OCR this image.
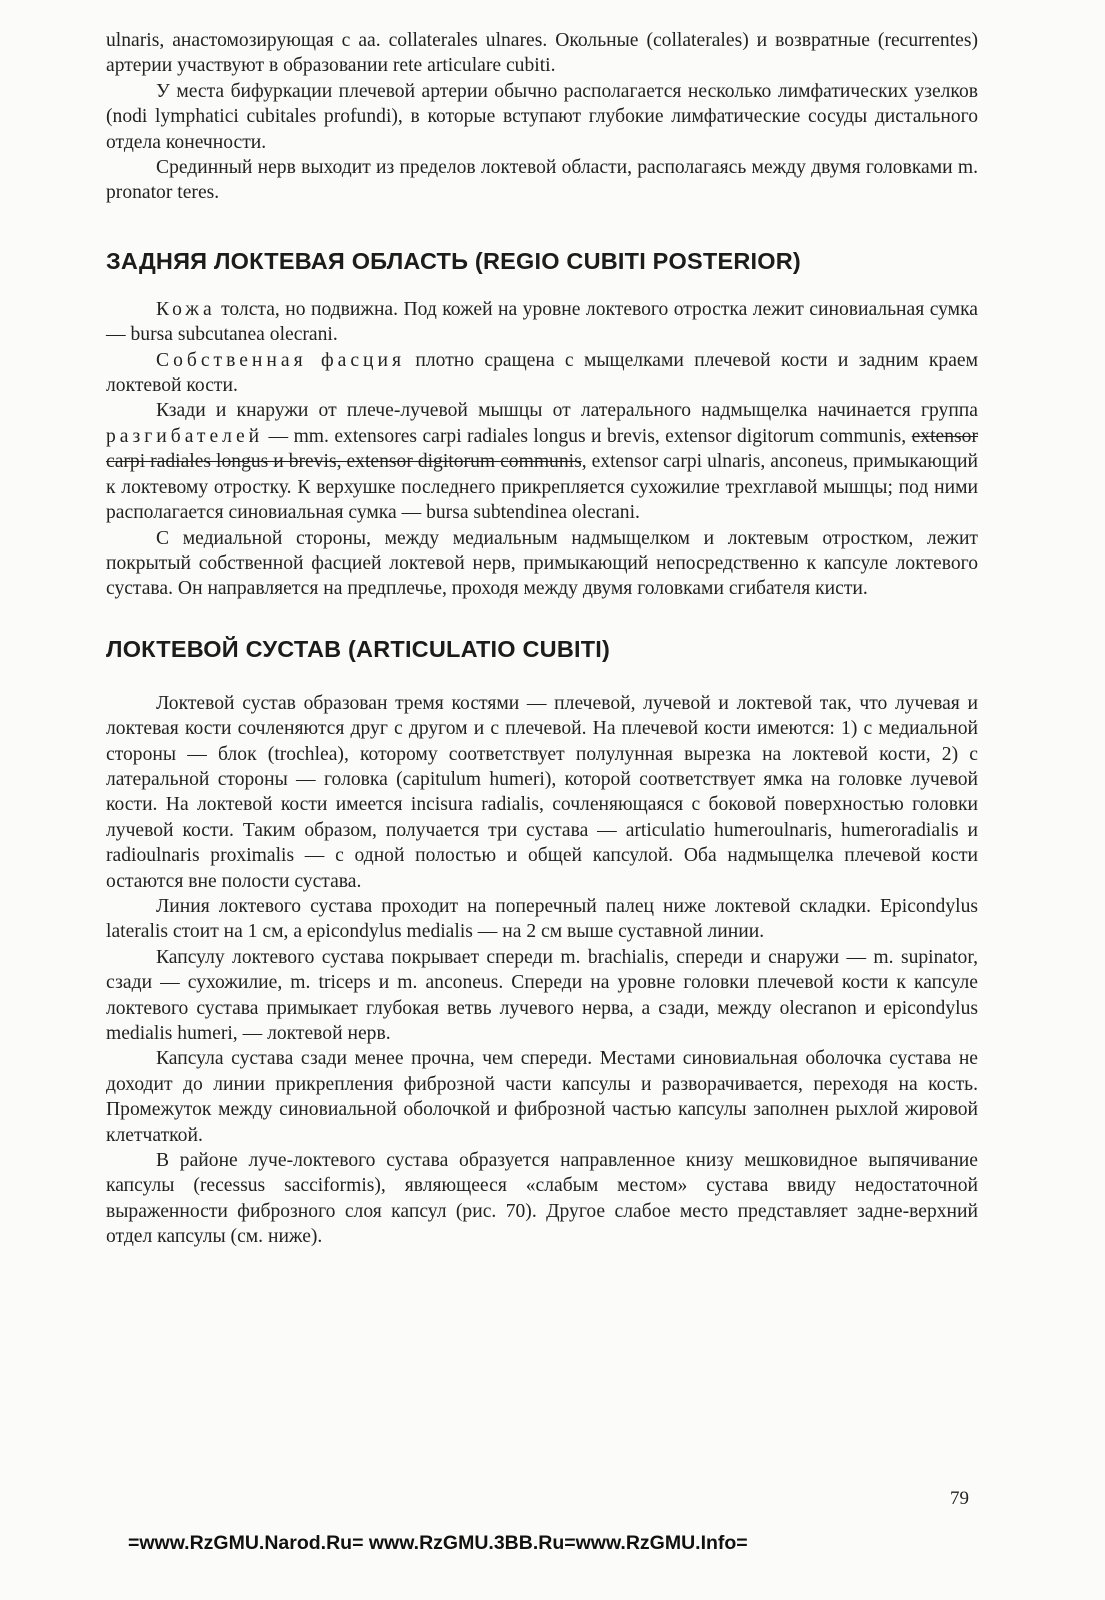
ulnaris, анастомозирующая с aa. collaterales ulnares. Окольные (collaterales) и возвратные (recurrentes) артерии участвуют в образовании rete articulare cubiti.

У места бифуркации плечевой артерии обычно располагается несколько лимфатических узелков (nodi lymphatici cubitales profundi), в которые вступают глубокие лимфатические сосуды дистального отдела конечности.

Срединный нерв выходит из пределов локтевой области, располагаясь между двумя головками m. pronator teres.

ЗАДНЯЯ ЛОКТЕВАЯ ОБЛАСТЬ (REGIO CUBITI POSTERIOR)

Кожа толста, но подвижна. Под кожей на уровне локтевого отростка лежит синовиальная сумка — bursa subcutanea olecrani.

Собственная фасция плотно сращена с мыщелками плечевой кости и задним краем локтевой кости.

Кзади и кнаружи от плече-лучевой мышцы от латерального надмыщелка начинается группа разгибателей — mm. extensores carpi radiales longus и brevis, extensor digitorum communis, extensor carpi radiales longus и brevis, extensor digitorum communis, extensor carpi ulnaris, anconeus, примыкающий к локтевому отростку. К верхушке последнего прикрепляется сухожилие трехглавой мышцы; под ними располагается синовиальная сумка — bursa subtendinea olecrani.

С медиальной стороны, между медиальным надмыщелком и локтевым отростком, лежит покрытый собственной фасцией локтевой нерв, примыкающий непосредственно к капсуле локтевого сустава. Он направляется на предплечье, проходя между двумя головками сгибателя кисти.

ЛОКТЕВОЙ СУСТАВ (ARTICULATIO CUBITI)

Локтевой сустав образован тремя костями — плечевой, лучевой и локтевой так, что лучевая и локтевая кости сочленяются друг с другом и с плечевой. На плечевой кости имеются: 1) с медиальной стороны — блок (trochlea), которому соответствует полулунная вырезка на локтевой кости, 2) с латеральной стороны — головка (capitulum humeri), которой соответствует ямка на головке лучевой кости. На локтевой кости имеется incisura radialis, сочленяющаяся с боковой поверхностью головки лучевой кости. Таким образом, получается три сустава — articulatio humeroulnaris, humeroradialis и radioulnaris proximalis — с одной полостью и общей капсулой. Оба надмыщелка плечевой кости остаются вне полости сустава.

Линия локтевого сустава проходит на поперечный палец ниже локтевой складки. Epicondylus lateralis стоит на 1 см, а epicondylus medialis — на 2 см выше суставной линии.

Капсулу локтевого сустава покрывает спереди m. brachialis, спереди и снаружи — m. supinator, сзади — сухожилие, m. triceps и m. anconeus. Спереди на уровне головки плечевой кости к капсуле локтевого сустава примыкает глубокая ветвь лучевого нерва, а сзади, между olecranon и epicondylus medialis humeri, — локтевой нерв.

Капсула сустава сзади менее прочна, чем спереди. Местами синовиальная оболочка сустава не доходит до линии прикрепления фиброзной части капсулы и разворачивается, переходя на кость. Промежуток между синовиальной оболочкой и фиброзной частью капсулы заполнен рыхлой жировой клетчаткой.

В районе луче-локтевого сустава образуется направленное книзу мешковидное выпячивание капсулы (recessus sacciformis), являющееся «слабым местом» сустава ввиду недостаточной выраженности фиброзного слоя капсул (рис. 70). Другое слабое место представляет задне-верхний отдел капсулы (см. ниже).

79
=www.RzGMU.Narod.Ru= www.RzGMU.3BB.Ru=www.RzGMU.Info=
